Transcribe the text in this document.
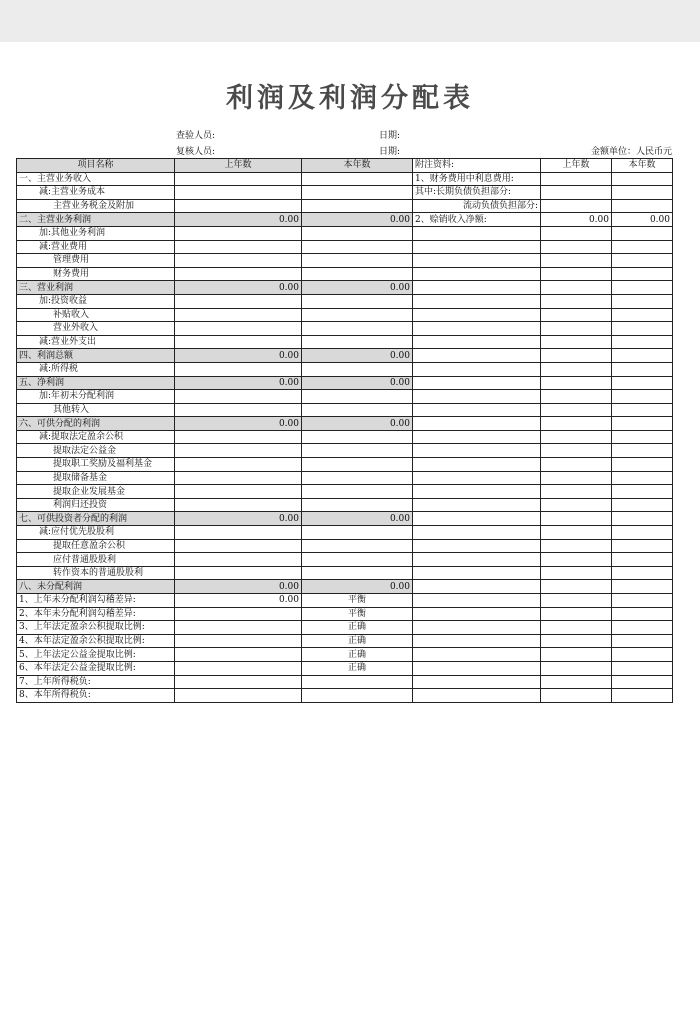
利润及利润分配表
查验人员:	日期:
复核人员:	日期:	金额单位：人民币元
项目名称	上年数	本年数	附注资料:	上年数	本年数
一、主营业务收入			1、财务费用中利息费用:		
减:主营业务成本			其中:长期负债负担部分:		
主营业务税金及附加			流动负债负担部分:		
二、主营业务利润	0.00	0.00	2、赊销收入净额:	0.00	0.00
加:其他业务利润					
减:营业费用					
管理费用					
财务费用					
三、营业利润	0.00	0.00			
加:投资收益					
补贴收入					
营业外收入					
减:营业外支出					
四、利润总额	0.00	0.00			
减:所得税					
五、净利润	0.00	0.00			
加:年初未分配利润					
其他转入					
六、可供分配的利润	0.00	0.00			
减:提取法定盈余公积					
提取法定公益金					
提取职工奖励及福利基金					
提取储备基金					
提取企业发展基金					
利润归还投资					
七、可供投资者分配的利润	0.00	0.00			
减:应付优先股股利					
提取任意盈余公积					
应付普通股股利					
转作资本的普通股股利					
八、未分配利润	0.00	0.00			
1、上年未分配利润勾稽差异:	0.00	平衡			
2、本年未分配利润勾稽差异:		平衡			
3、上年法定盈余公积提取比例:		正确			
4、本年法定盈余公积提取比例:		正确			
5、上年法定公益金提取比例:		正确			
6、本年法定公益金提取比例:		正确			
7、上年所得税负:					
8、本年所得税负:					
